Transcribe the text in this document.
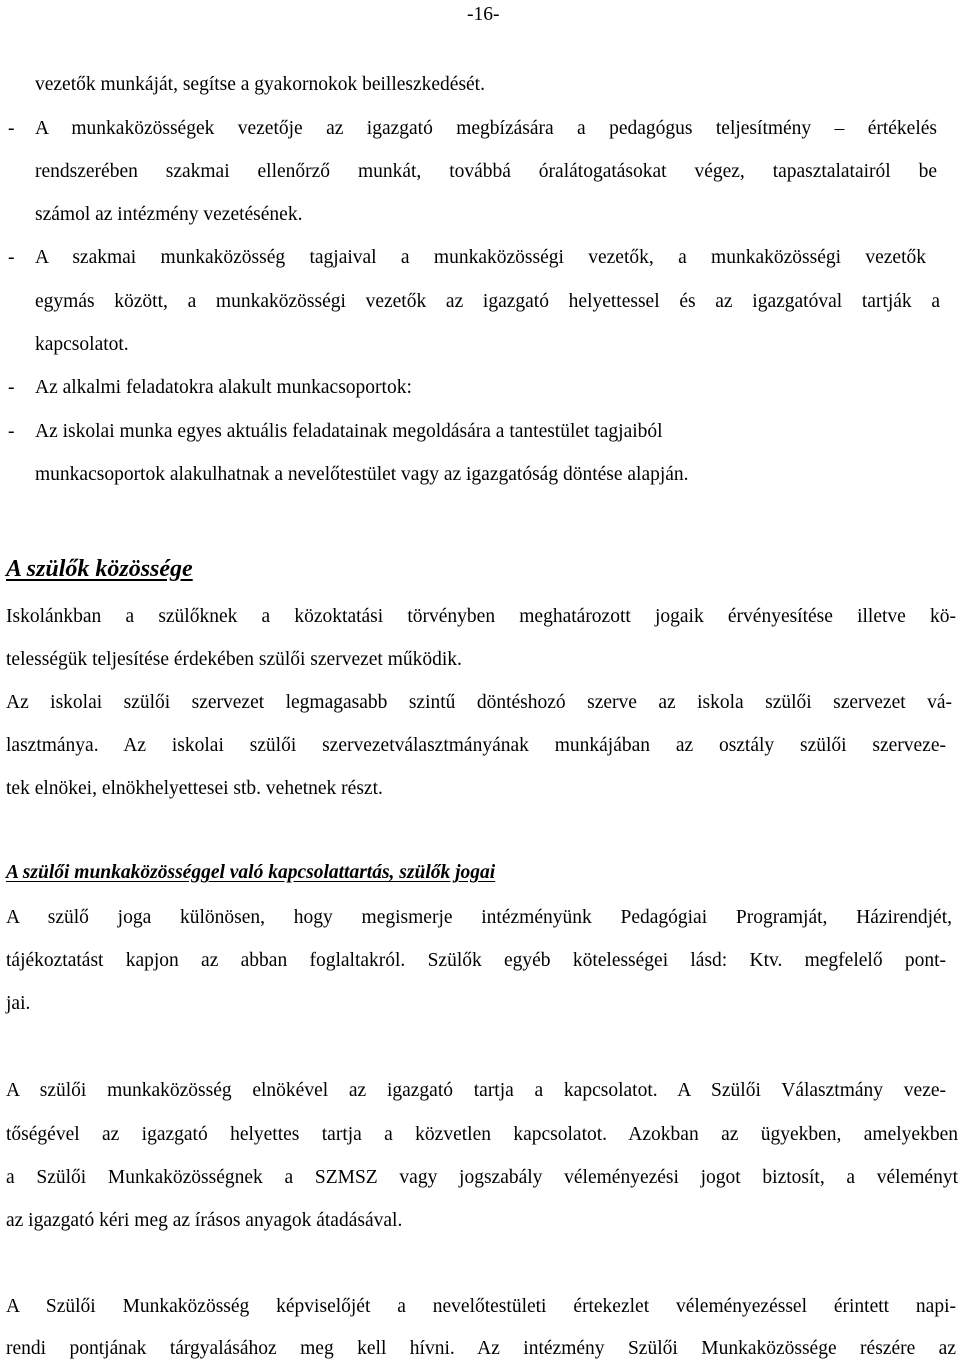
-16-
vezetők munkáját, segítse a gyakornokok beilleszkedését.
- A munkaközösségek vezetője az igazgató megbízására a pedagógus teljesítmény – értékelés
rendszerében szakmai ellenőrző munkát, továbbá óralátogatásokat végez, tapasztalatairól be
számol az intézmény vezetésének.
- A szakmai munkaközösség tagjaival a munkaközösségi vezetők, a munkaközösségi vezetők
egymás között, a munkaközösségi vezetők az igazgató helyettessel és az igazgatóval tartják a
kapcsolatot.
- Az alkalmi feladatokra alakult munkacsoportok:
- Az iskolai munka egyes aktuális feladatainak megoldására a tantestület tagjaiból
munkacsoportok alakulhatnak a nevelőtestület vagy az igazgatóság döntése alapján.
A szülők közössége
Iskolánkban a szülőknek a közoktatási törvényben meghatározott jogaik érvényesítése illetve kö-
telességük teljesítése érdekében szülői szervezet működik.
Az iskolai szülői szervezet legmagasabb szintű döntéshozó szerve az iskola szülői szervezet vá-
lasztmánya. Az iskolai szülői szervezetválasztmányának munkájában az osztály szülői szerveze-
tek elnökei, elnökhelyettesei stb. vehetnek részt.
A szülői munkaközösséggel való kapcsolattartás, szülők jogai
A szülő joga különösen, hogy megismerje intézményünk Pedagógiai Programját, Házirendjét,
tájékoztatást kapjon az abban foglaltakról. Szülők egyéb kötelességei lásd: Ktv. megfelelő pont-
jai.
A szülői munkaközösség elnökével az igazgató tartja a kapcsolatot. A Szülői Választmány veze-
tőségével az igazgató helyettes tartja a közvetlen kapcsolatot. Azokban az ügyekben, amelyekben
a Szülői Munkaközösségnek a SZMSZ vagy jogszabály véleményezési jogot biztosít, a véleményt
az igazgató kéri meg az írásos anyagok átadásával.
A Szülői Munkaközösség képviselőjét a nevelőtestületi értekezlet véleményezéssel érintett napi-
rendi pontjának tárgyalásához meg kell hívni. Az intézmény Szülői Munkaközössége részére az
